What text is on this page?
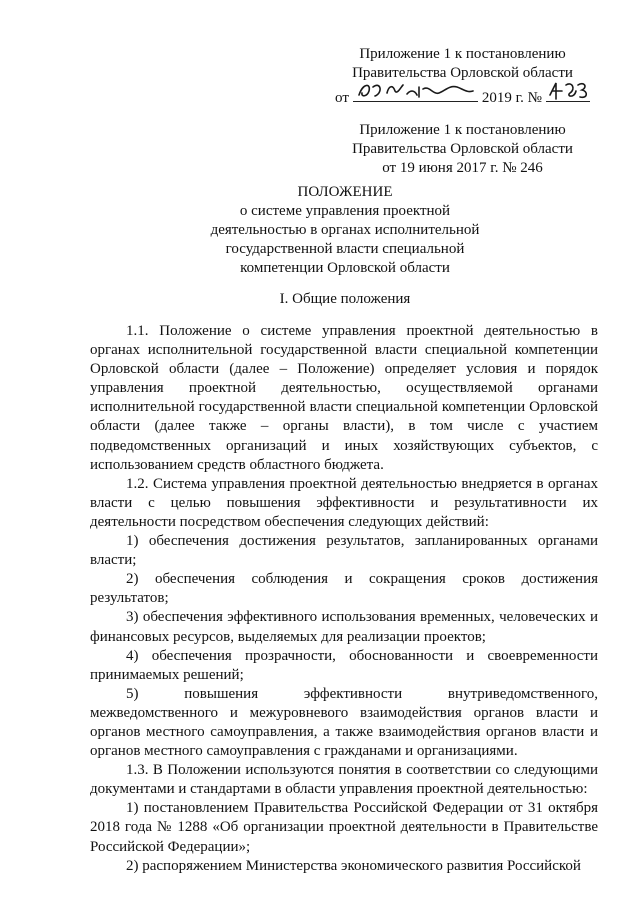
Приложение 1 к постановлению
Правительства Орловской области
от	2019 г. №
Приложение 1 к постановлению
Правительства Орловской области
от 19 июня 2017 г. № 246
ПОЛОЖЕНИЕ
о системе управления проектной
деятельностью в органах исполнительной
государственной власти специальной
компетенции Орловской области
I. Общие положения

1.1. Положение о системе управления проектной деятельностью в органах исполнительной государственной власти специальной компетенции Орловской области (далее – Положение) определяет условия и порядок управления проектной деятельностью, осуществляемой органами исполнительной государственной власти специальной компетенции Орловской области (далее также – органы власти), в том числе с участием подведомственных организаций и иных хозяйствующих субъектов, с использованием средств областного бюджета.

1.2. Система управления проектной деятельностью внедряется в органах власти с целью повышения эффективности и результативности их деятельности посредством обеспечения следующих действий:

1) обеспечения достижения результатов, запланированных органами власти;

2) обеспечения соблюдения и сокращения сроков достижения результатов;

3) обеспечения эффективного использования временных, человеческих и финансовых ресурсов, выделяемых для реализации проектов;

4) обеспечения прозрачности, обоснованности и своевременности принимаемых решений;

5) повышения эффективности внутриведомственного, межведомственного и межуровневого взаимодействия органов власти и органов местного самоуправления, а также взаимодействия органов власти и органов местного самоуправления с гражданами и организациями.

1.3. В Положении используются понятия в соответствии со следующими документами и стандартами в области управления проектной деятельностью:

1) постановлением Правительства Российской Федерации от 31 октября 2018 года № 1288 «Об организации проектной деятельности в Правительстве Российской Федерации»;

2) распоряжением Министерства экономического развития Российской
